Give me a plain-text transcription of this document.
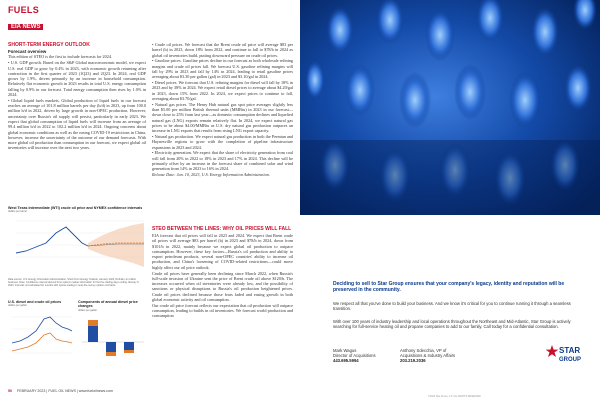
FUELS
EIA NEWS
SHORT-TERM ENERGY OUTLOOK
Forecast overview

This edition of STEO is the first to include forecasts for 2024.

• U.S. GDP growth. Based on the S&P Global macroeconomic model, we expect U.S. real GDP to grow by 0.4% in 2023, with economic growth returning after contraction in the first quarter of 2023 (1Q23) and 2Q23. In 2024, real GDP grows by 1.9%, driven primarily by an increase in household consumption. Relatively flat economic growth in 2023 results in total U.S. energy consumption falling by 0.9% in our forecast. Total energy consumption then rises by 1.0% in 2024.

• Global liquid fuels markets. Global production of liquid fuels in our forecast reaches an average of 101.8 million barrels per day (b/d) in 2023, up from 100.0 million b/d in 2022, driven by large growth in non-OPEC production. However, uncertainty over Russia's oil supply will persist, particularly in early 2023. We expect that global consumption of liquid fuels will increase from an average of 99.4 million b/d in 2022 to 102.2 million b/d in 2024. Ongoing concerns about global economic conditions as well as the easing COVID-19 restrictions in China, however, increase the uncertainty of the outcome of our demand forecasts. With more global oil production than consumption in our forecast, we expect global oil inventories will increase over the next two years.

• Crude oil prices. We forecast that the Brent crude oil price will average $83 per barrel (b) in 2023, down 18% from 2022, and continue to fall to $78/b in 2024 as global oil inventories build, putting downward pressure on crude oil prices.

• Gasoline prices. Gasoline prices decline in our forecast as both wholesale refining margins and crude oil prices fall. We forecast U.S. gasoline refining margins will fall by 29% in 2023 and fall by 14% in 2024, leading to retail gasoline prices averaging about $3.30 per gallon (gal) in 2023 and $3.10/gal in 2024.

• Diesel prices. We forecast that U.S. refining margins for diesel will fall by 18% in 2023 and by 38% in 2024. We expect retail diesel prices to average about $4.20/gal in 2023, down 15% from 2022. In 2024, we expect prices to continue to fall, averaging about $3.70/gal.

• Natural gas prices. The Henry Hub natural gas spot price averages slightly less than $5.00 per million British thermal units (MMBtu) in 2023 in our forecast—down close to 25% from last year—as domestic consumption declines and liquefied natural gas (LNG) exports remain relatively flat. In 2024, we expect natural gas prices to be about $4.00/MMBtu as U.S. dry natural gas production outpaces an increase in LNG exports that results from rising LNG export capacity.

• Natural gas production. We expect natural gas production in both the Permian and Haynesville regions to grow with the completion of pipeline infrastructure expansions in 2023 and 2024.

• Electricity generation. We expect that the share of electricity generation from coal will fall from 20% in 2022 to 18% in 2023 and 17% in 2024. This decline will be primarily offset by an increase in the forecast share of combined solar and wind generation from 14% in 2023 to 16% in 2024.

Release Date: Jan. 10, 2023, U.S. Energy Information Administration.

STEO BETWEEN THE LINES: WHY OIL PRICES WILL FALL

EIA forecast that oil prices will fall in 2023 and 2024. We expect that Brent crude oil prices will average $83 per barrel (b) in 2023 and $78/b in 2024, down from $101/b in 2022, mainly because we expect global oil production to outpace consumption. However, these key factors—Russia's oil production and ability to export petroleum products, several non-OPEC countries' ability to increase oil production, and China's loosening of COVID-related restrictions—could move highly affect our oil price outlook.

Crude oil prices have generally been declining since March 2022, when Russia's full-scale invasion of Ukraine sent the price of Brent crude oil above $120/b. The increases occurred when oil inventories were already low, and the possibility of sanctions or physical disruptions to Russia's oil production heightened prices. Crude oil prices declined because those fears faded and easing growth in both global economic activity and oil consumption.

Our crude oil price forecast reflects our expectation that oil production will outpace consumption, leading to builds in oil inventories. We forecast world production and consumption

West Texas Intermediate (WTI) crude oil price and NYMEX confidence intervals
dollars per barrel
Data source: U.S. Energy Information Administration, Short-Term Energy Outlook, January 2023, Refinitiv, an LSEG business. Note: Confidence interval derived from options market information for the five trading days ending January 5, 2023. Intervals not calculated for months with sparse trading in near-the-money options contracts.
U.S. diesel and crude oil prices
dollars per gallon
Components of annual diesel price changes
dollars per gallon
50 FEBRUARY 2023 | FUEL OIL NEWS | www.fueloilnews.com
Deciding to sell to Star Group ensures that your company's legacy, identity and reputation will be preserved in the community.
We respect all that you've done to build your business. And we know it's critical for you to continue running it through a seamless transition.
With over 100 years of industry leadership and local operations throughout the Northeast and Mid-Atlantic, Star Group is actively searching for full-service heating oil and propane companies to add to our family. Call today for a confidential consultation.
Mark Wagus
Director of Acquisitions
443.695.5994
Anthony Sdecchia, VP of
Acquisitions & Industry Affairs
203.219.2036
STAR
GROUP
©2023 Star Group, L.P. ALL RIGHTS RESERVED
